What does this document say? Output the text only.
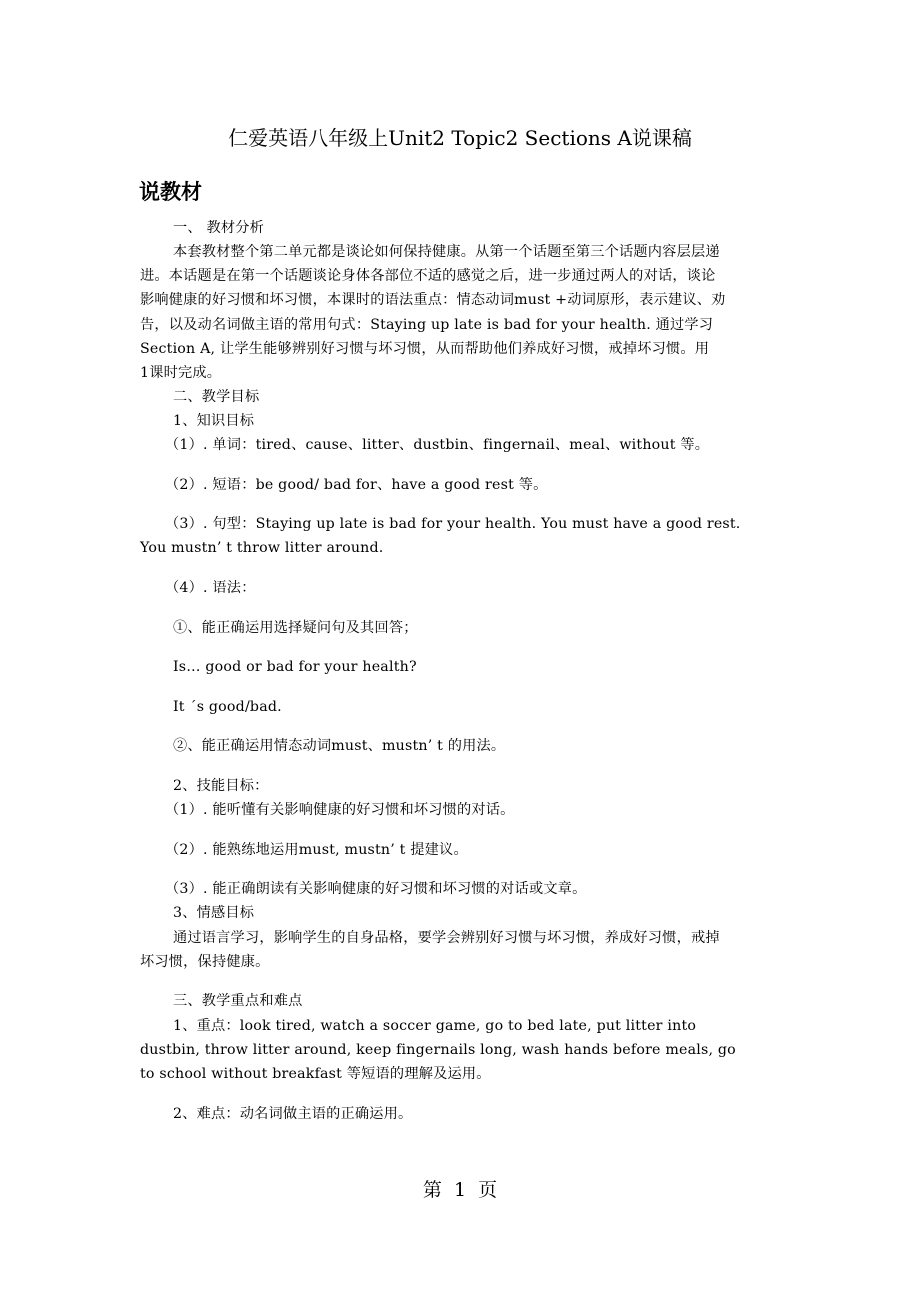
仁爱英语八年级上Unit2 Topic2 Sections A说课稿
说教材
一、 教材分析
本套教材整个第二单元都是谈论如何保持健康。从第一个话题至第三个话题内容层层递
进。本话题是在第一个话题谈论身体各部位不适的感觉之后，进一步通过两人的对话，谈论
影响健康的好习惯和坏习惯，本课时的语法重点：情态动词must +动词原形，表示建议、劝
告，以及动名词做主语的常用句式：Staying up late is bad for your health. 通过学习
Section A, 让学生能够辨别好习惯与坏习惯，从而帮助他们养成好习惯，戒掉坏习惯。用
1课时完成。
二、教学目标
1、知识目标
（1）. 单词：tired、cause、litter、dustbin、fingernail、meal、without 等。
（2）. 短语：be good/ bad for、have a good rest 等。
（3）. 句型：Staying up late is bad for your health. You must have a good rest.
You mustn’ t throw litter around.
（4）. 语法：
①、能正确运用选择疑问句及其回答；
Is… good or bad for your health?
It ´s good/bad.
②、能正确运用情态动词must、mustn’ t 的用法。
2、技能目标：
（1）. 能听懂有关影响健康的好习惯和坏习惯的对话。
（2）. 能熟练地运用must, mustn’ t 提建议。
（3）. 能正确朗读有关影响健康的好习惯和坏习惯的对话或文章。
3、情感目标
通过语言学习，影响学生的自身品格，要学会辨别好习惯与坏习惯，养成好习惯，戒掉
坏习惯，保持健康。
三、教学重点和难点
1、重点：look tired, watch a soccer game, go to bed late, put litter into
dustbin, throw litter around, keep fingernails long, wash hands before meals, go
to school without breakfast 等短语的理解及运用。
2、难点：动名词做主语的正确运用。
第  1  页
